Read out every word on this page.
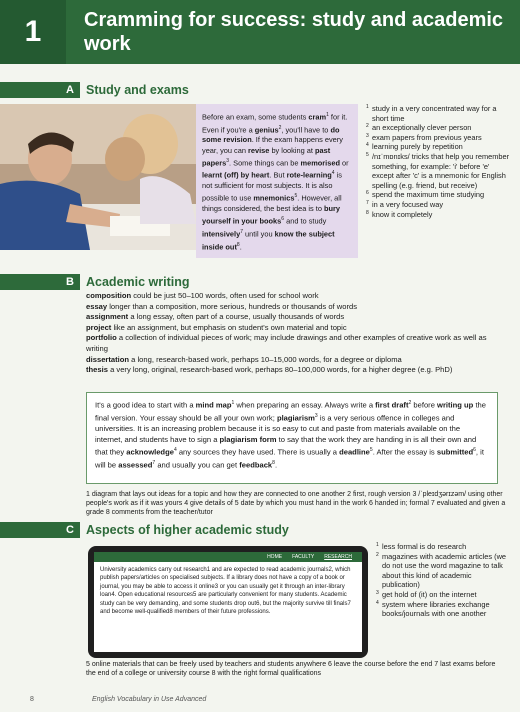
1	Cramming for success: study and academic work
A Study and exams
Before an exam, some students cram$^1$ for it. Even if you're a genius$^2$, you'll have to do some revision. If the exam happens every year, you can revise by looking at past papers$^3$. Some things can be memorised or learnt (off) by heart. But rote-learning$^4$ is not sufficient for most subjects. It is also possible to use mnemonics$^5$. However, all things considered, the best idea is to bury yourself in your books$^6$ and to study intensively$^7$ until you know the subject inside out$^8$.
1 study in a very concentrated way for a short time
2 an exceptionally clever person
3 exam papers from previous years
4 learning purely by repetition
5 /nɪˈmɒnɪks/ tricks that help you remember something, for example: 'i' before 'e' except after 'c' is a mnemonic for English spelling (e.g. friend, but receive)
6 spend the maximum time studying
7 in a very focused way
8 know it completely
B Academic writing
composition could be just 50–100 words, often used for school work
essay longer than a composition, more serious, hundreds or thousands of words
assignment a long essay, often part of a course, usually thousands of words
project like an assignment, but emphasis on student's own material and topic
portfolio a collection of individual pieces of work; may include drawings and other examples of creative work as well as writing
dissertation a long, research-based work, perhaps 10–15,000 words, for a degree or diploma
thesis a very long, original, research-based work, perhaps 80–100,000 words, for a higher degree (e.g. PhD)
It's a good idea to start with a mind map$^1$ when preparing an essay. Always write a first draft$^2$ before writing up the final version. Your essay should be all your own work; plagiarism$^3$ is a very serious offence in colleges and universities. It is an increasing problem because it is so easy to cut and paste from materials available on the internet, and students have to sign a plagiarism form to say that the work they are handing in is all their own and that they acknowledge$^4$ any sources they have used. There is usually a deadline$^5$. After the essay is submitted$^6$, it will be assessed$^7$ and usually you can get feedback$^8$.
1 diagram that lays out ideas for a topic and how they are connected to one another 2 first, rough version 3 /ˈpleɪdʒərɪzəm/ using other people's work as if it was yours 4 give details of 5 date by which you must hand in the work 6 handed in; formal 7 evaluated and given a grade 8 comments from the teacher/tutor
C Aspects of higher academic study
HOME FACULTY RESEARCH
University academics carry out research1 and are expected to read academic journals2, which publish papers/articles on specialised subjects. If a library does not have a copy of a book or journal, you may be able to access it online3 or you can usually get it through an inter-library loan4. Open educational resources5 are particularly convenient for many students. Academic study can be very demanding, and some students drop out6, but the majority survive till finals7 and become well-qualified8 members of their future professions.
1 less formal is do research
2 magazines with academic articles (we do not use the word magazine to talk about this kind of academic publication)
3 get hold of (it) on the internet
4 system where libraries exchange books/journals with one another
5 online materials that can be freely used by teachers and students anywhere 6 leave the course before the end 7 last exams before the end of a college or university course 8 with the right formal qualifications
8	English Vocabulary in Use Advanced
